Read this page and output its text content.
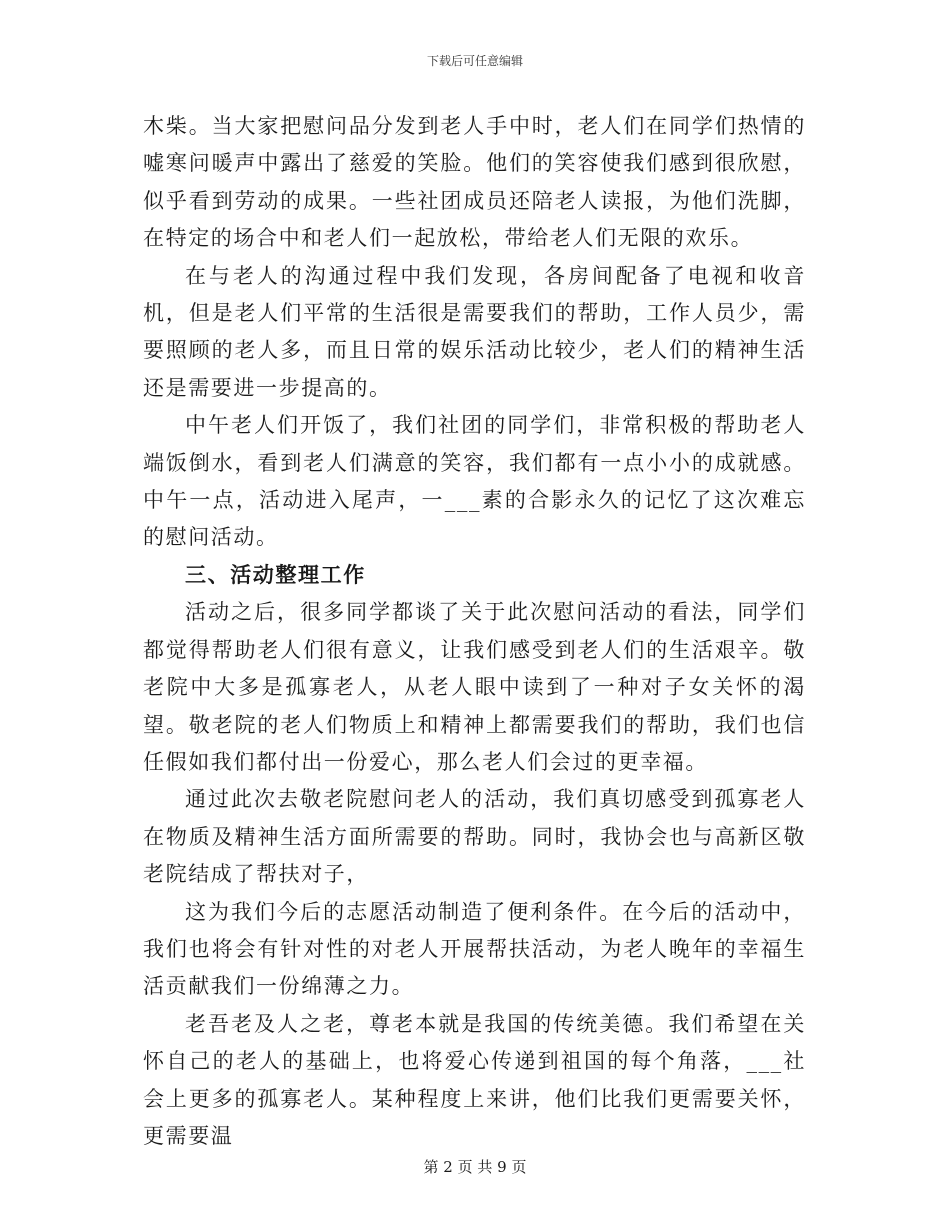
下载后可任意编辑

木柴。当大家把慰问品分发到老人手中时，老人们在同学们热情的嘘寒问暖声中露出了慈爱的笑脸。他们的笑容使我们感到很欣慰，似乎看到劳动的成果。一些社团成员还陪老人读报，为他们洗脚，在特定的场合中和老人们一起放松，带给老人们无限的欢乐。

在与老人的沟通过程中我们发现，各房间配备了电视和收音机，但是老人们平常的生活很是需要我们的帮助，工作人员少，需要照顾的老人多，而且日常的娱乐活动比较少，老人们的精神生活还是需要进一步提高的。

中午老人们开饭了，我们社团的同学们，非常积极的帮助老人端饭倒水，看到老人们满意的笑容，我们都有一点小小的成就感。中午一点，活动进入尾声，一___素的合影永久的记忆了这次难忘的慰问活动。

三、活动整理工作

活动之后，很多同学都谈了关于此次慰问活动的看法，同学们都觉得帮助老人们很有意义，让我们感受到老人们的生活艰辛。敬老院中大多是孤寡老人，从老人眼中读到了一种对子女关怀的渴望。敬老院的老人们物质上和精神上都需要我们的帮助，我们也信任假如我们都付出一份爱心，那么老人们会过的更幸福。

通过此次去敬老院慰问老人的活动，我们真切感受到孤寡老人在物质及精神生活方面所需要的帮助。同时，我协会也与高新区敬老院结成了帮扶对子，

这为我们今后的志愿活动制造了便利条件。在今后的活动中，我们也将会有针对性的对老人开展帮扶活动，为老人晚年的幸福生活贡献我们一份绵薄之力。

老吾老及人之老，尊老本就是我国的传统美德。我们希望在关怀自己的老人的基础上，也将爱心传递到祖国的每个角落，___社会上更多的孤寡老人。某种程度上来讲，他们比我们更需要关怀，更需要温

第 2 页 共 9 页
